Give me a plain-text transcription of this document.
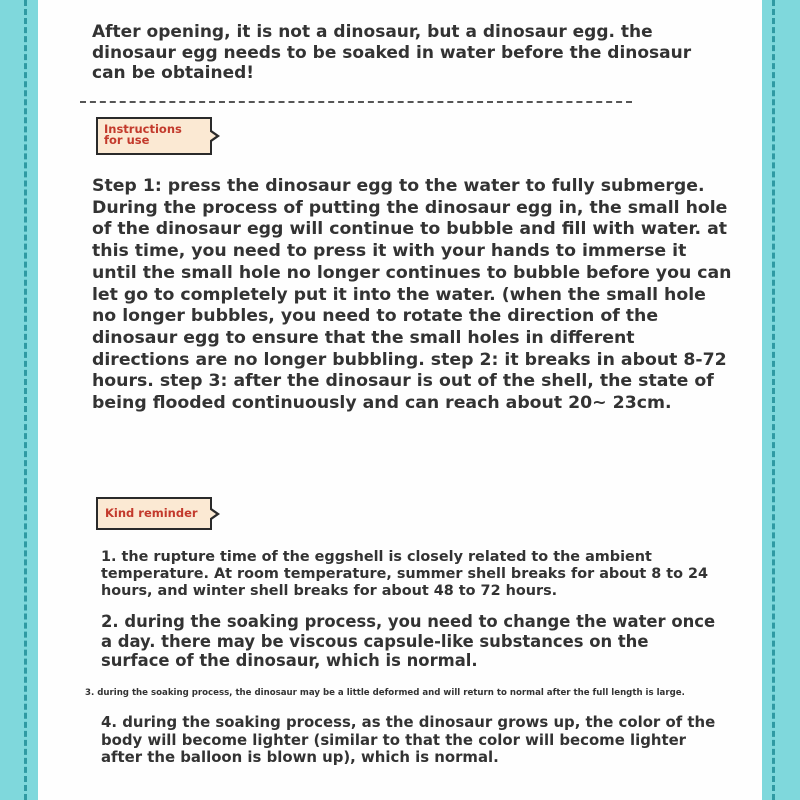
After opening, it is not a dinosaur, but a dinosaur egg. the dinosaur egg needs to be soaked in water before the dinosaur can be obtained!

Instructions for use

Step 1: press the dinosaur egg to the water to fully submerge. During the process of putting the dinosaur egg in, the small hole of the dinosaur egg will continue to bubble and fill with water. at this time, you need to press it with your hands to immerse it until the small hole no longer continues to bubble before you can let go to completely put it into the water. (when the small hole no longer bubbles, you need to rotate the direction of the dinosaur egg to ensure that the small holes in different directions are no longer bubbling. step 2: it breaks in about 8-72 hours. step 3: after the dinosaur is out of the shell, the state of being flooded continuously and can reach about 20~ 23cm.

Kind reminder

1. the rupture time of the eggshell is closely related to the ambient temperature. At room temperature, summer shell breaks for about 8 to 24 hours, and winter shell breaks for about 48 to 72 hours.

2. during the soaking process, you need to change the water once a day. there may be viscous capsule-like substances on the surface of the dinosaur, which is normal.

3. during the soaking process, the dinosaur may be a little deformed and will return to normal after the full length is large.

4. during the soaking process, as the dinosaur grows up, the color of the body will become lighter (similar to that the color will become lighter after the balloon is blown up), which is normal.
